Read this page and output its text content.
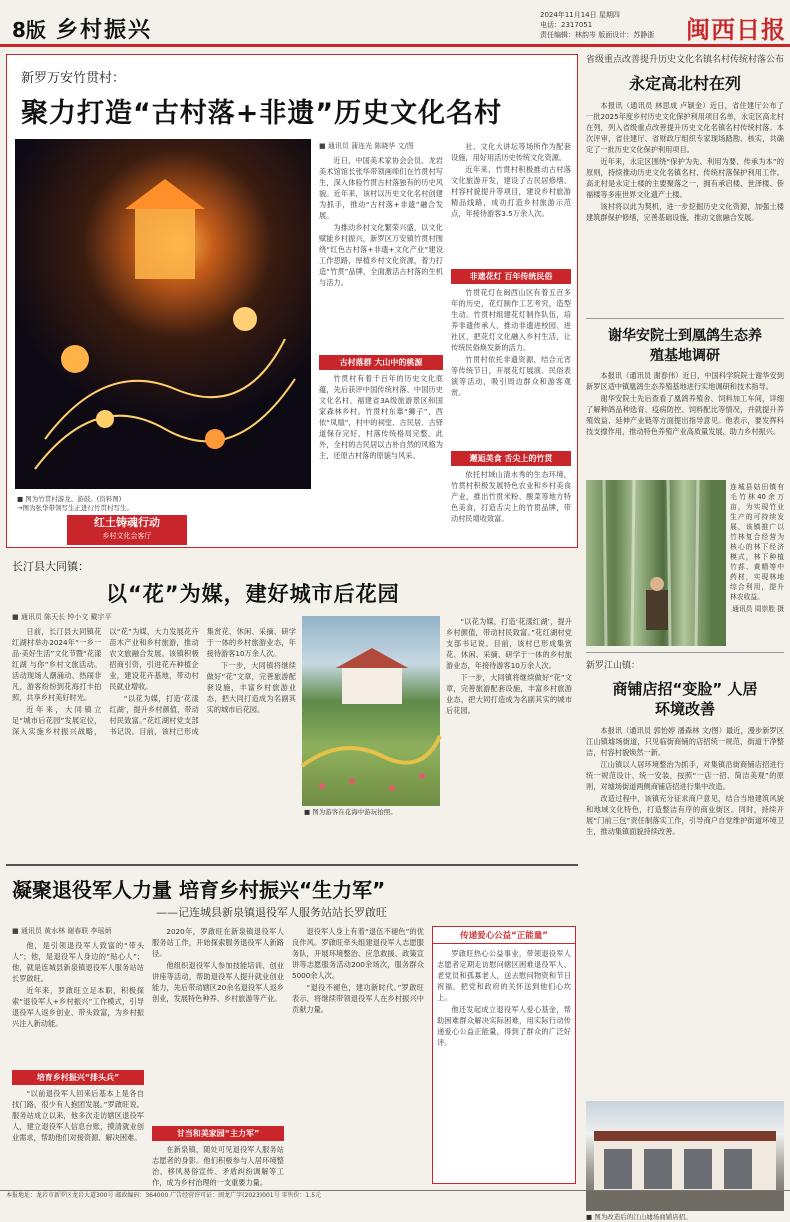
8版 乡村振兴
2024年11月14日 星期四
电话：2317051
责任编辑：林韵岑 版面设计：苏静浙 闽西日报
新罗万安竹贯村：
聚力打造“古村落+非遗”历史文化名村
■ 图为竹贯村游龙、游鼓。(资料图)
→图为张华带领写生正进行竹贯村写生。
红土铸魂行动
乡村文化会客厅
■ 通讯员 蒲连光 陈晓华 文/图

近日，中国美术家协会会员、龙岩美术馆馆长张华带领画师们在竹贯村写生，深入体验竹贯古村落独有的历史风貌。近年来，该村以历史文化名村创建为抓手，推动“古村落+非遗”融合发展。

为推动乡村文化繁荣兴盛，以文化赋能乡村振兴，新罗区万安镇竹贯村围绕“红色古村落+非遗+文化产业”建设工作思路，厚植乡村文化资源，着力打造“竹贯”品牌，全面激活古村落的生机与活力。

古村落群 大山中的桃源

竹贯村有着千百年的历史文化底蕴，先后获评中国传统村落、中国历史文化名村、福建省3A级旅游景区和国家森林乡村。竹贯村东靠“狮子”，西依“凤凰”，村中的祠堂、古民居、古驿道保存完好，村落传统格局完整。此外，全村的古民居以古朴自然的风格为主，还原古村落的原貌与风采。

社、文化大讲坛等场所作为配套设施，用好用活历史传统文化资源。

近年来，竹贯村积极推动古村落文化旅游开发，建设了古民居修缮、村容村貌提升等项目，建设乡村旅游精品线路，成功打造乡村旅游示范点，年接待游客3.5万余人次。

非遗花灯 百年传统民俗

竹贯花灯在闽西山区有着五百多年的历史，花灯制作工艺考究，造型生动。竹贯村组建花灯制作队伍，培养非遗传承人，推动非遗进校园、进社区，把花灯文化融入乡村生活，让传统民俗焕发新的活力。

竹贯村依托非遗资源，结合元宵等传统节日，开展花灯展演、民俗表演等活动，吸引周边群众和游客观赏。

邂逅美食 舌尖上的竹贯

依托村域山清水秀的生态环境，竹贯村积极发展特色农业和乡村美食产业，推出竹贯米粉、酸菜等地方特色美食，打造舌尖上的竹贯品牌，带动村民增收致富。

省级重点改善提升历史文化名镇名村传统村落公布
永定高北村在列

本报讯（通讯员 林思成 卢颖金）近日，省住建厅公布了一批2025年度乡村历史文化保护利用项目名单，永定区高北村在列，列入省级重点改善提升历史文化名镇名村传统村落。本次评审，省住建厅、省财政厅组织专家现场踏勘、核实，共确定了一批历史文化保护利用项目。

近年来，永定区围绕“保护为先、利用为要、传承为本”的原则，持续推动历史文化名镇名村、传统村落保护利用工作。高北村是永定土楼的主要聚落之一，拥有承启楼、世泽楼、侨福楼等多座世界文化遗产土楼。

该村将以此为契机，进一步挖掘历史文化资源，加强土楼建筑群保护修缮，完善基础设施，推动文旅融合发展。

谢华安院士到凰鸽生态养殖基地调研

本报讯（通讯员 谢春伟）近日，中国科学院院士谢华安到新罗区适中镇凰鸽生态养殖基地进行实地调研和技术指导。

谢华安院士先后查看了凰鸽养殖舍、饲料加工车间，详细了解种鸽品种选育、疫病防控、饲料配比等情况，并就提升养殖效益、延伸产业链等方面提出指导意见。他表示，要发挥科技支撑作用，推动特色养殖产业高质量发展，助力乡村振兴。

连城县姑田镇有毛竹林40余万亩，为实现竹业生产的可持续发展，该镇推广以竹林复合经营为核心的林下经济模式，林下种植竹荪、黄精等中药材，实现林地综合利用，提升林农收益。
通讯员 周崇胜 摄
新罗江山镇：
商铺店招“变脸” 人居环境改善

本报讯（通讯员 郭怡婷 潘森林 文/图）最近，漫步新罗区江山镇墟场街道，只见临街商铺的店招统一规范，街道干净整洁，村容村貌焕然一新。

江山镇以人居环境整治为抓手，对集镇沿街商铺店招进行统一规范设计、统一安装，按照“一店一招、简洁美观”的原则，对墟场街道两侧商铺店招进行集中改造。

改造过程中，该镇充分征求商户意见，结合当地建筑风貌和地域文化特色，打造整洁有序的商业街区。同时，持续开展“门前三包”责任制落实工作，引导商户自觉维护街道环境卫生，推动集镇面貌持续改善。

■ 图为改造后的江山墟场商铺店招。
长汀县大同镇：
以“花”为媒，建好城市后花园
■ 通讯员 陈天长 钟小文 戴宇平

日前，长汀县大同镇花红湖村举办2024年“一乡一品·美好生活”文化节暨“花漾红湖 与你”乡村文旅活动。活动现场人潮涌动、热闹非凡，游客纷纷到花海打卡拍照，共享乡村美好时光。

近年来，大同镇立足“城市后花园”发展定位，深入实施乡村振兴战略，以“花”为媒，大力发展花卉苗木产业和乡村旅游，推动农文旅融合发展。该镇积极招商引资，引进花卉种植企业，建设花卉基地，带动村民就业增收。

“以花为媒，打造‘花漾红湖’，提升乡村颜值，带动村民致富。”花红湖村党支部书记说。目前，该村已形成集赏花、休闲、采摘、研学于一体的乡村旅游业态，年接待游客10万余人次。

下一步，大同镇将继续做好“花”文章，完善旅游配套设施，丰富乡村旅游业态，把大同打造成为名副其实的城市后花园。

■ 图为游客在花海中游玩拍照。

“以花为媒，打造‘花漾红湖’，提升乡村颜值，带动村民致富。”花红湖村党支部书记说。目前，该村已形成集赏花、休闲、采摘、研学于一体的乡村旅游业态，年接待游客10万余人次。

下一步，大同镇将继续做好“花”文章，完善旅游配套设施，丰富乡村旅游业态，把大同打造成为名副其实的城市后花园。

凝聚退役军人力量 培育乡村振兴“生力军”
——记连城县新泉镇退役军人服务站站长罗啟旺
■ 通讯员 黄水林 谢春联 李瑶炳

他，是引领退役军人致富的“带头人”；他，是退役军人身边的“贴心人”；他，就是连城县新泉镇退役军人服务站站长罗啟旺。

近年来，罗啟旺立足本职，积极探索“退役军人+乡村振兴”工作模式，引导退役军人返乡创业、带头致富，为乡村振兴注入新动能。

培育乡村振兴“排头兵”

“以前退役军人回来后基本上是各自找门路，很少有人抱团发展。”罗啟旺说。服务站成立以来，他多次走访辖区退役军人，建立退役军人信息台账，摸清就业创业需求，帮助他们对接资源、解决困难。

2020年，罗啟旺在新泉镇退役军人服务站工作，开始探索服务退役军人新路径。

他组织退役军人参加技能培训、创业讲座等活动，帮助退役军人提升就业创业能力，先后带动辖区20余名退役军人返乡创业，发展特色种养、乡村旅游等产业。

甘当和美家园“主力军”

在新泉镇，随处可见退役军人服务站志愿者的身影。他们积极参与人居环境整治、移风易俗宣传、矛盾纠纷调解等工作，成为乡村治理的一支重要力量。

退役军人身上有着“退伍不褪色”的优良作风。罗啟旺牵头组建退役军人志愿服务队，开展环境整治、应急救援、政策宣讲等志愿服务活动200余场次，服务群众5000余人次。

“退役不褪色，建功新时代。”罗啟旺表示，将继续带领退役军人在乡村振兴中贡献力量。

传递爱心公益“正能量”

罗啟旺热心公益事业，带领退役军人志愿者定期走访慰问辖区困难退役军人、老党员和孤寡老人，送去慰问物资和节日祝福，把党和政府的关怀送到他们心坎上。

他还发起成立退役军人爱心基金，帮助困难群众解决实际困难，用实际行动传递爱心公益正能量，得到了群众的广泛好评。

本报地址：龙岩市新罗区龙岩大道300号 邮政编码：364000 广告经营许可证：闽龙广字(2023)001号 零售价：1.5元
